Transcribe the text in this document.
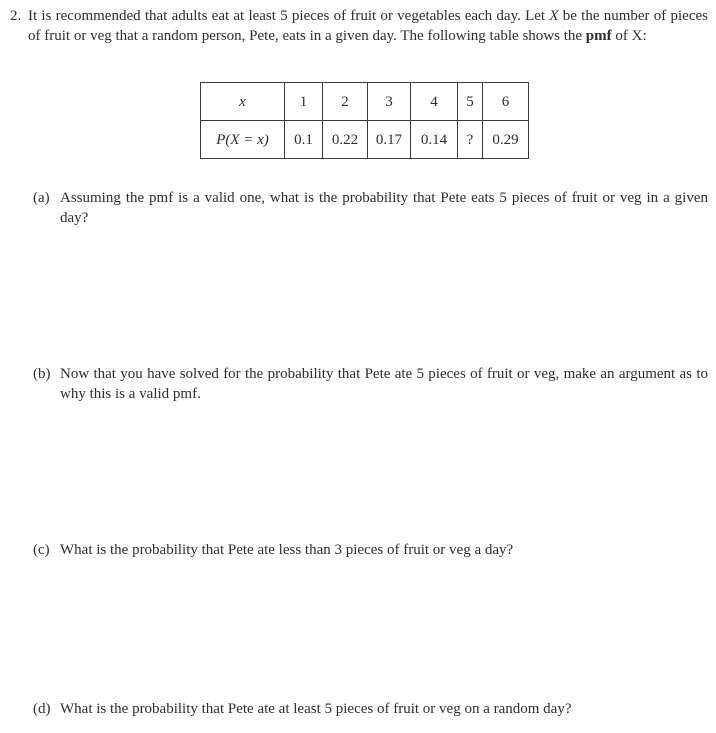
2. It is recommended that adults eat at least 5 pieces of fruit or vegetables each day. Let X be the number of pieces of fruit or veg that a random person, Pete, eats in a given day. The following table shows the pmf of X:
x	1	2	3	4	5	6
P(X = x)	0.1	0.22	0.17	0.14	?	0.29
(a) Assuming the pmf is a valid one, what is the probability that Pete eats 5 pieces of fruit or veg in a given day?
(b) Now that you have solved for the probability that Pete ate 5 pieces of fruit or veg, make an argument as to why this is a valid pmf.
(c) What is the probability that Pete ate less than 3 pieces of fruit or veg a day?
(d) What is the probability that Pete ate at least 5 pieces of fruit or veg on a random day?
